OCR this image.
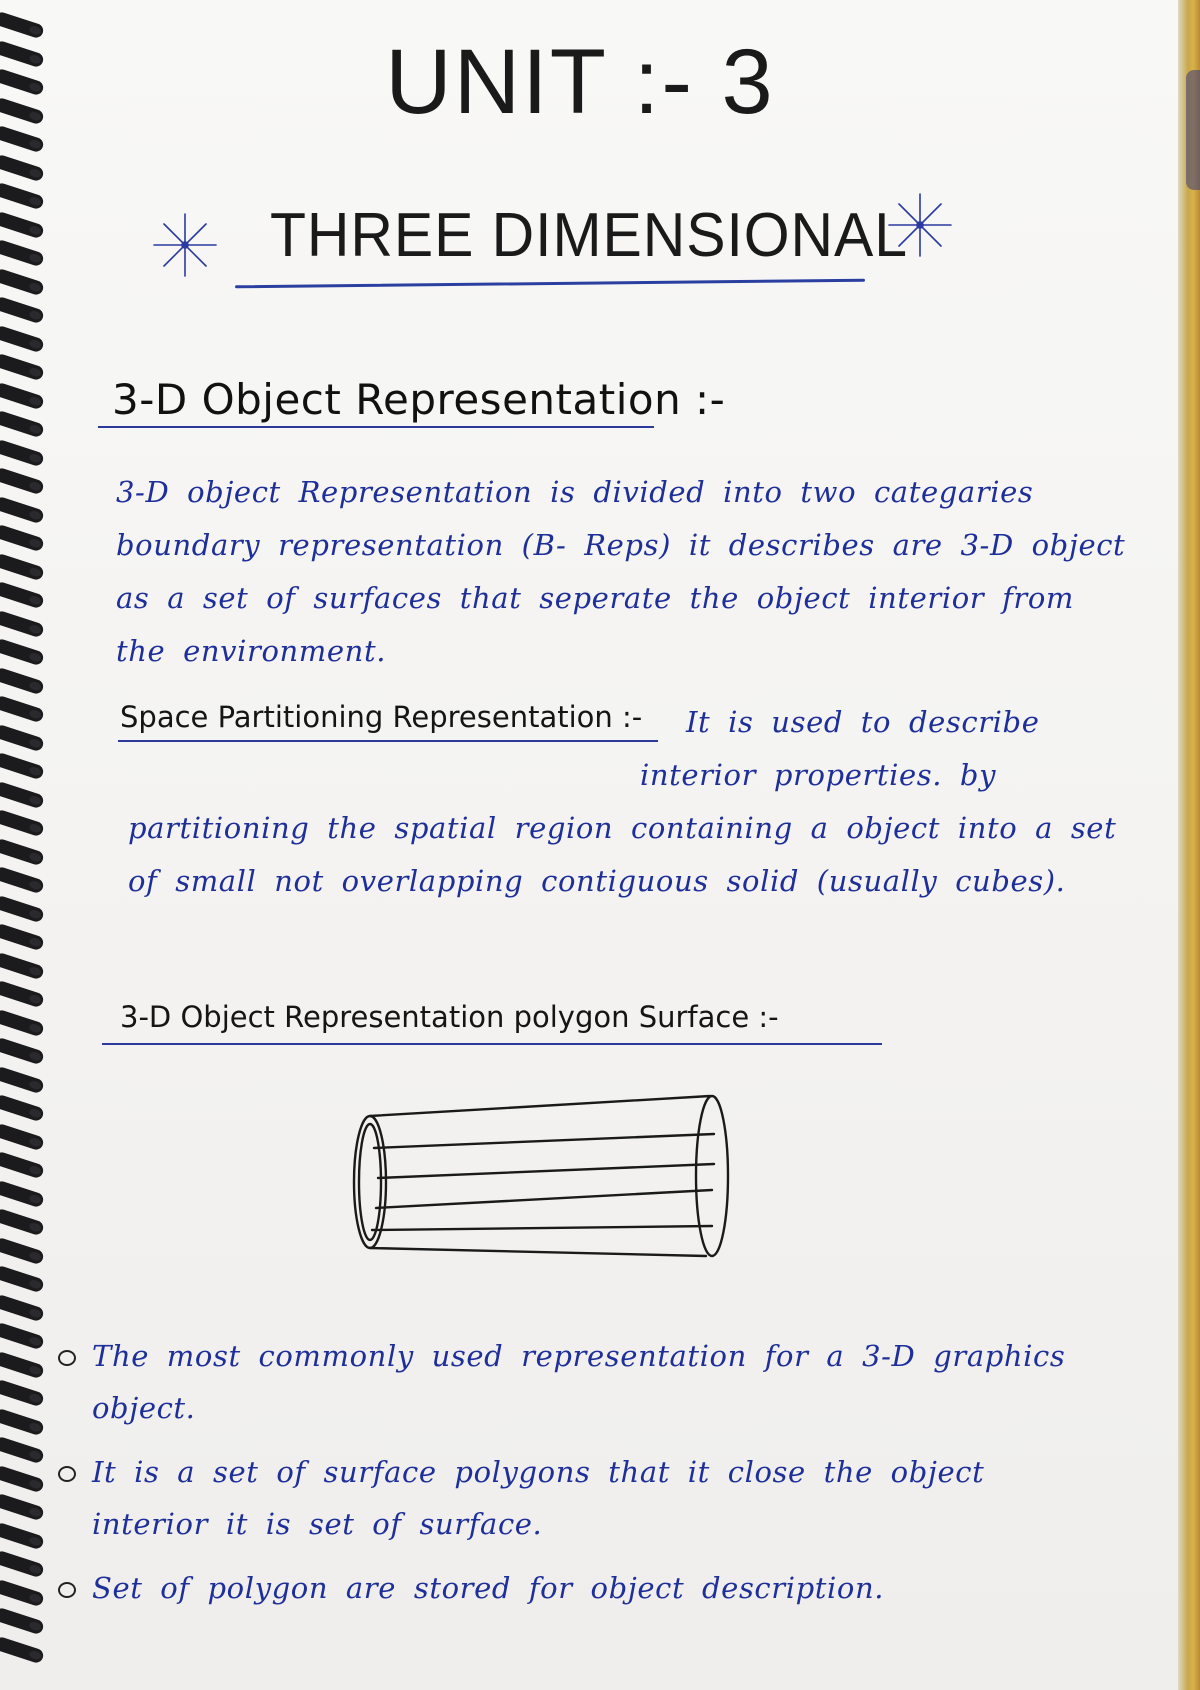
UNIT :- 3
THREE DIMENSIONAL
3-D Object Representation :-
3-D object Representation is divided into two categaries boundary representation (B- Reps) it describes are 3-D object as a set of surfaces that seperate the object interior from the environment.
Space Partitioning Representation :- It is used to describe
interior properties. by
partitioning the spatial region containing a object into a set of small not overlapping contiguous solid (usually cubes).
3-D Object Representation polygon Surface :-
The most commonly used representation for a 3-D graphics object.
It is a set of surface polygons that it close the object interior it is set of surface.
Set of polygon are stored for object description.
